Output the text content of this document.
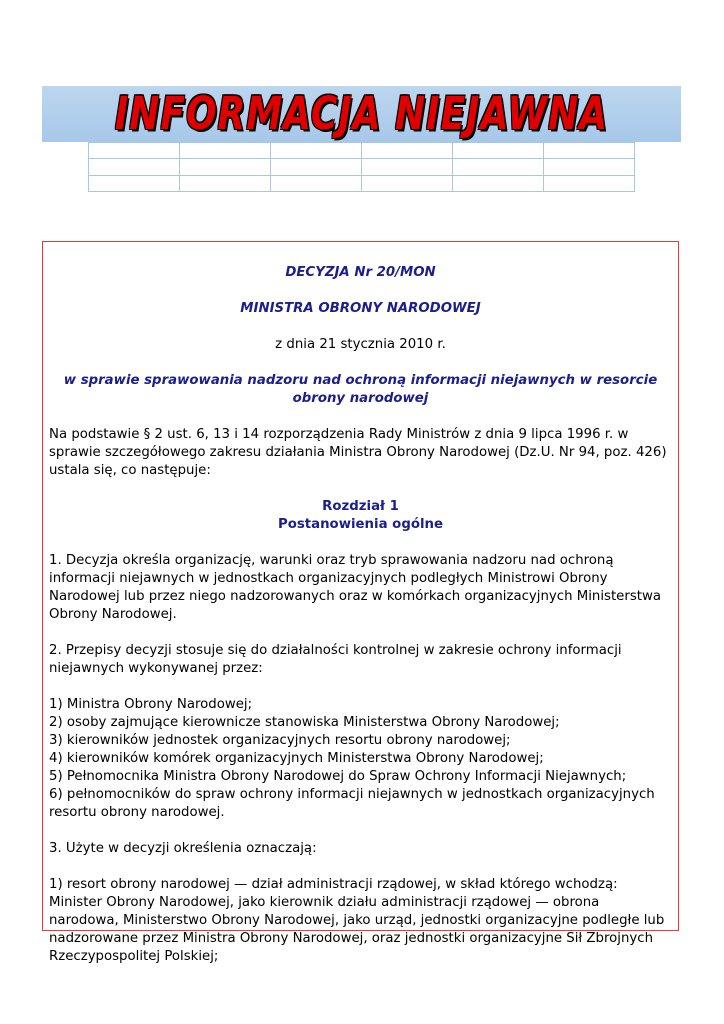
INFORMACJA NIEJAWNA

DECYZJA Nr 20/MON

MINISTRA OBRONY NARODOWEJ

z dnia 21 stycznia 2010 r.

w sprawie sprawowania nadzoru nad ochroną informacji niejawnych w resorcie obrony narodowej

Na podstawie § 2 ust. 6, 13 i 14 rozporządzenia Rady Ministrów z dnia 9 lipca 1996 r. w sprawie szczegółowego zakresu działania Ministra Obrony Narodowej (Dz.U. Nr 94, poz. 426) ustala się, co następuje:

Rozdział 1

Postanowienia ogólne

1. Decyzja określa organizację, warunki oraz tryb sprawowania nadzoru nad ochroną informacji niejawnych w jednostkach organizacyjnych podległych Ministrowi Obrony Narodowej lub przez niego nadzorowanych oraz w komórkach organizacyjnych Ministerstwa Obrony Narodowej.

2. Przepisy decyzji stosuje się do działalności kontrolnej w zakresie ochrony informacji niejawnych wykonywanej przez:

1) Ministra Obrony Narodowej;

2) osoby zajmujące kierownicze stanowiska Ministerstwa Obrony Narodowej;

3) kierowników jednostek organizacyjnych resortu obrony narodowej;

4) kierowników komórek organizacyjnych Ministerstwa Obrony Narodowej;

5) Pełnomocnika Ministra Obrony Narodowej do Spraw Ochrony Informacji Niejawnych;

6) pełnomocników do spraw ochrony informacji niejawnych w jednostkach organizacyjnych resortu obrony narodowej.

3. Użyte w decyzji określenia oznaczają:

1) resort obrony narodowej — dział administracji rządowej, w skład którego wchodzą: Minister Obrony Narodowej, jako kierownik działu administracji rządowej — obrona narodowa, Ministerstwo Obrony Narodowej, jako urząd, jednostki organizacyjne podległe lub nadzorowane przez Ministra Obrony Narodowej, oraz jednostki organizacyjne Sił Zbrojnych Rzeczypospolitej Polskiej;
